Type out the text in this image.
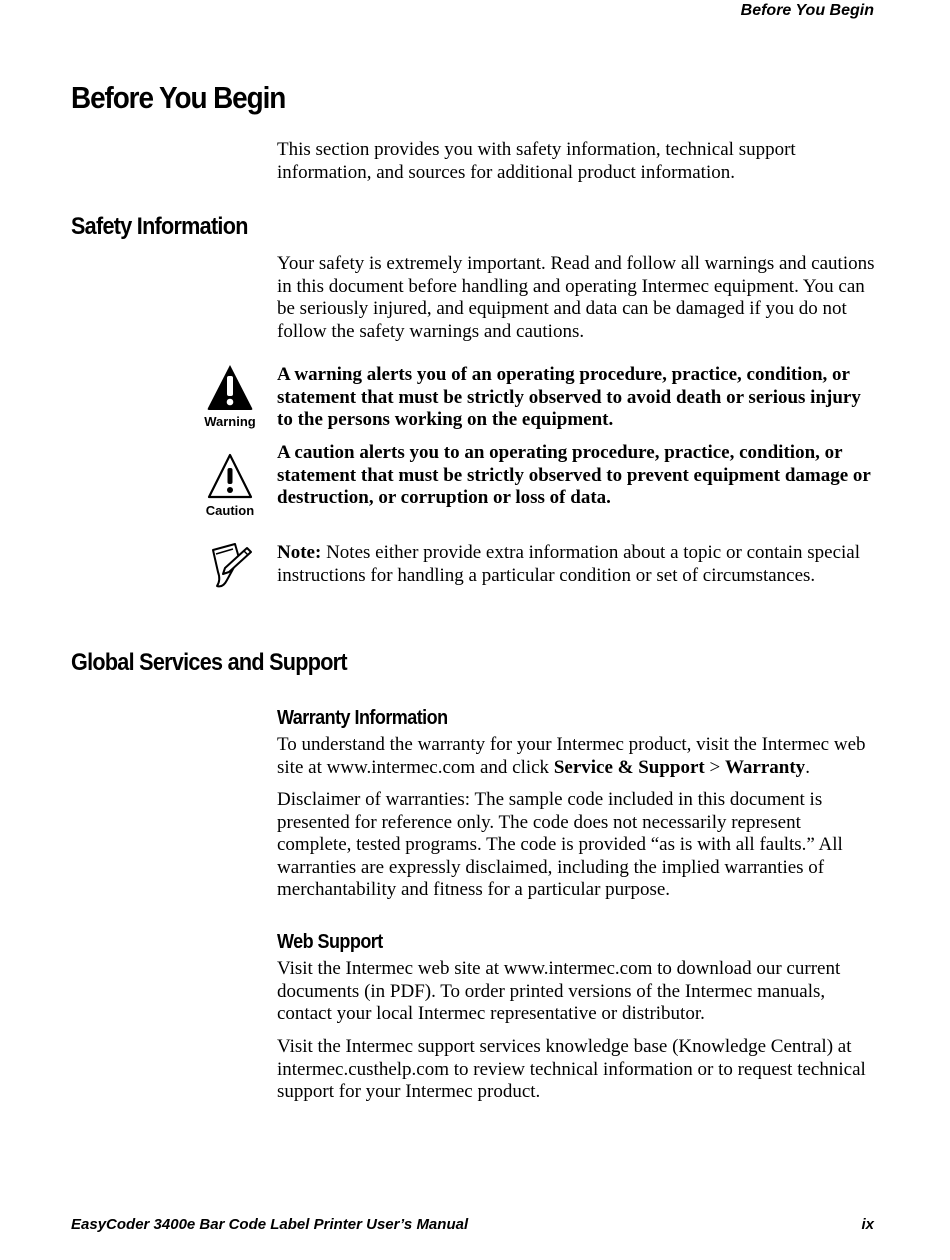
Before You Begin
Before You Begin

This section provides you with safety information, technical support information, and sources for additional product information.

Safety Information

Your safety is extremely important. Read and follow all warnings and cautions in this document before handling and operating Intermec equipment. You can be seriously injured, and equipment and data can be damaged if you do not follow the safety warnings and cautions.

Warning

A warning alerts you of an operating procedure, practice, condition, or statement that must be strictly observed to avoid death or serious injury to the persons working on the equipment.

Caution

A caution alerts you to an operating procedure, practice, condition, or statement that must be strictly observed to prevent equipment damage or destruction, or corruption or loss of data.

Note: Notes either provide extra information about a topic or contain special instructions for handling a particular condition or set of circumstances.

Global Services and Support
Warranty Information

To understand the warranty for your Intermec product, visit the Intermec web site at www.intermec.com and click Service & Support > Warranty.

Disclaimer of warranties: The sample code included in this document is presented for reference only. The code does not necessarily represent complete, tested programs. The code is provided “as is with all faults.” All warranties are expressly disclaimed, including the implied warranties of merchantability and fitness for a particular purpose.

Web Support

Visit the Intermec web site at www.intermec.com to download our current documents (in PDF). To order printed versions of the Intermec manuals, contact your local Intermec representative or distributor.

Visit the Intermec support services knowledge base (Knowledge Central) at intermec.custhelp.com to review technical information or to request technical support for your Intermec product.

EasyCoder 3400e Bar Code Label Printer User’s Manual	ix
